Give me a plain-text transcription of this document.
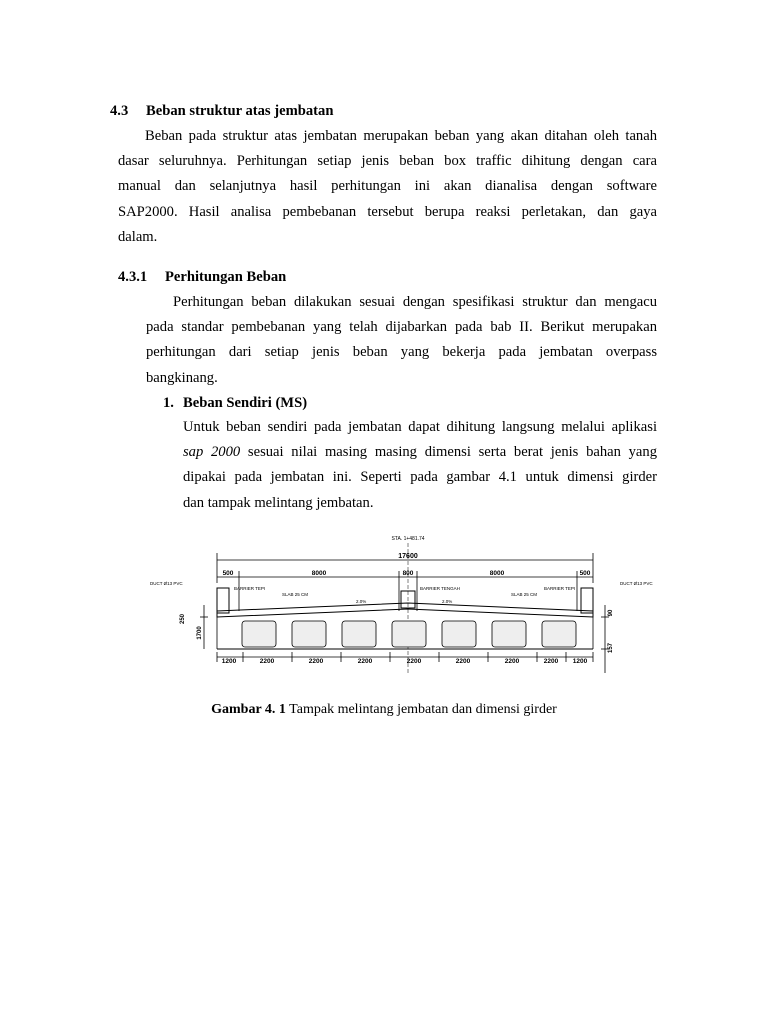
4.3 Beban struktur atas jembatan
Beban pada struktur atas jembatan merupakan beban yang akan ditahan oleh tanah
dasar seluruhnya. Perhitungan setiap jenis beban box traffic dihitung dengan cara
manual dan selanjutnya hasil perhitungan ini akan dianalisa dengan software
SAP2000. Hasil analisa pembebanan tersebut berupa reaksi perletakan, dan gaya
dalam.
4.3.1 Perhitungan Beban
Perhitungan beban dilakukan sesuai dengan spesifikasi struktur dan mengacu
pada standar pembebanan yang telah dijabarkan pada bab II. Berikut merupakan
perhitungan dari setiap jenis beban yang bekerja pada jembatan overpass
bangkinang.
1. Beban Sendiri (MS)
Untuk beban sendiri pada jembatan dapat dihitung langsung melalui aplikasi
sap 2000 sesuai nilai masing masing dimensi serta berat jenis bahan yang
dipakai pada jembatan ini. Seperti pada gambar 4.1 untuk dimensi girder
dan tampak melintang jembatan.
STA. 1+481.74
17600
500	8000	800	8000	500
DUCT Ø13 PVC	DUCT Ø13 PVC
BARRIER TEPI	BARRIER TENGAH	BARRIER TEPI
SLAB 25 CM	SLAB 25 CM
2.0%	2.0%
250
1700
90
157
1200	2200	2200	2200	2200	2200	2200	2200 1200
Gambar 4. 1 Tampak melintang jembatan dan dimensi girder
